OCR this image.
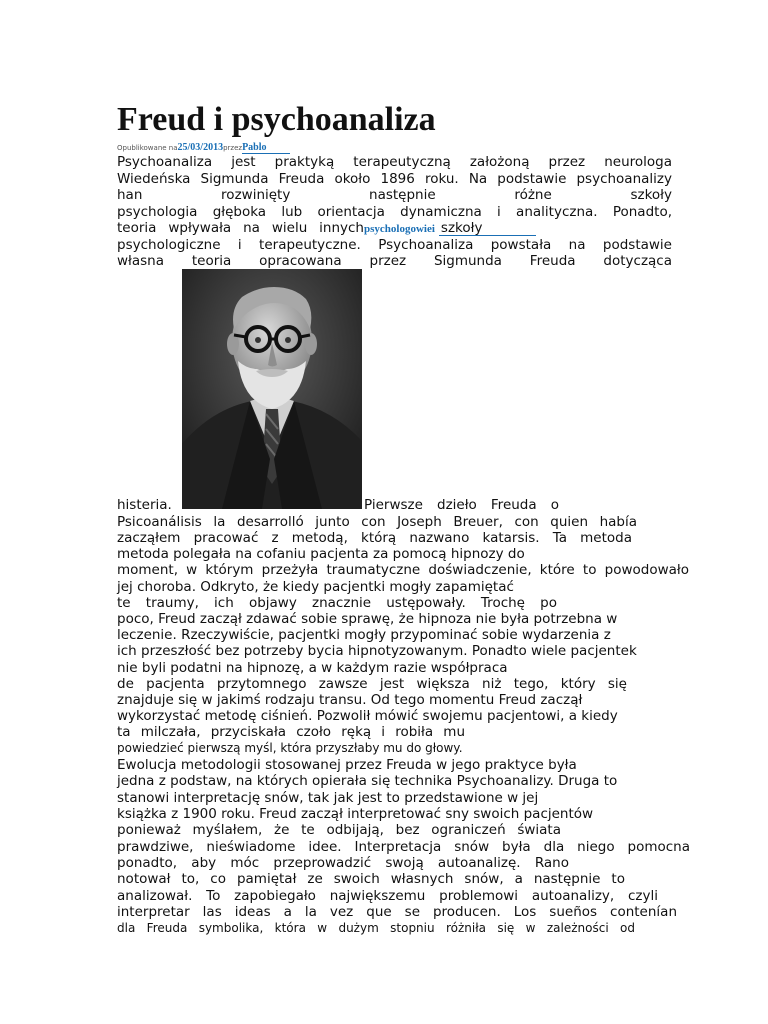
Freud i psychoanaliza
Opublikowane na25/03/2013przezPablo
Psychoanaliza jest praktyką terapeutyczną założoną przez neurologa
Wiedeńska Sigmunda Freuda około 1896 roku. Na podstawie psychoanalizy
han rozwinięty następnie różne szkoły
psychologia głęboka lub orientacja dynamiczna i analityczna. Ponadto,
teoria wpływała na wielu innychpsychologowiei szkoły
psychologiczne i terapeutyczne. Psychoanaliza powstała na podstawie
własna teoria opracowana przez Sigmunda Freuda dotycząca
histeria.	Pierwsze dzieło Freuda o
Psicoanálisis la desarrolló junto con Joseph Breuer, con quien había
zacząłem pracować z metodą, którą nazwano katarsis. Ta metoda
metoda polegała na cofaniu pacjenta za pomocą hipnozy do
moment, w którym przeżyła traumatyczne doświadczenie, które to powodowało
jej choroba. Odkryto, że kiedy pacjentki mogły zapamiętać
te traumy, ich objawy znacznie ustępowały. Trochę po
poco, Freud zaczął zdawać sobie sprawę, że hipnoza nie była potrzebna w
leczenie. Rzeczywiście, pacjentki mogły przypominać sobie wydarzenia z
ich przeszłość bez potrzeby bycia hipnotyzowanym. Ponadto wiele pacjentek
nie byli podatni na hipnozę, a w każdym razie współpraca
de pacjenta przytomnego zawsze jest większa niż tego, który się
znajduje się w jakimś rodzaju transu. Od tego momentu Freud zaczął
wykorzystać metodę ciśnień. Pozwolił mówić swojemu pacjentowi, a kiedy
ta milczała, przyciskała czoło ręką i robiła mu
powiedzieć pierwszą myśl, która przyszłaby mu do głowy.
Ewolucja metodologii stosowanej przez Freuda w jego praktyce była
jedna z podstaw, na których opierała się technika Psychoanalizy. Druga to
stanowi interpretację snów, tak jak jest to przedstawione w jej
książka z 1900 roku. Freud zaczął interpretować sny swoich pacjentów
ponieważ myślałem, że te odbijają, bez ograniczeń świata
prawdziwe, nieświadome idee. Interpretacja snów była dla niego pomocna
ponadto, aby móc przeprowadzić swoją autoanalizę. Rano
notował to, co pamiętał ze swoich własnych snów, a następnie to
analizował. To zapobiegało największemu problemowi autoanalizy, czyli
interpretar las ideas a la vez que se producen. Los sueños contenían
dla Freuda symbolika, która w dużym stopniu różniła się w zależności od
